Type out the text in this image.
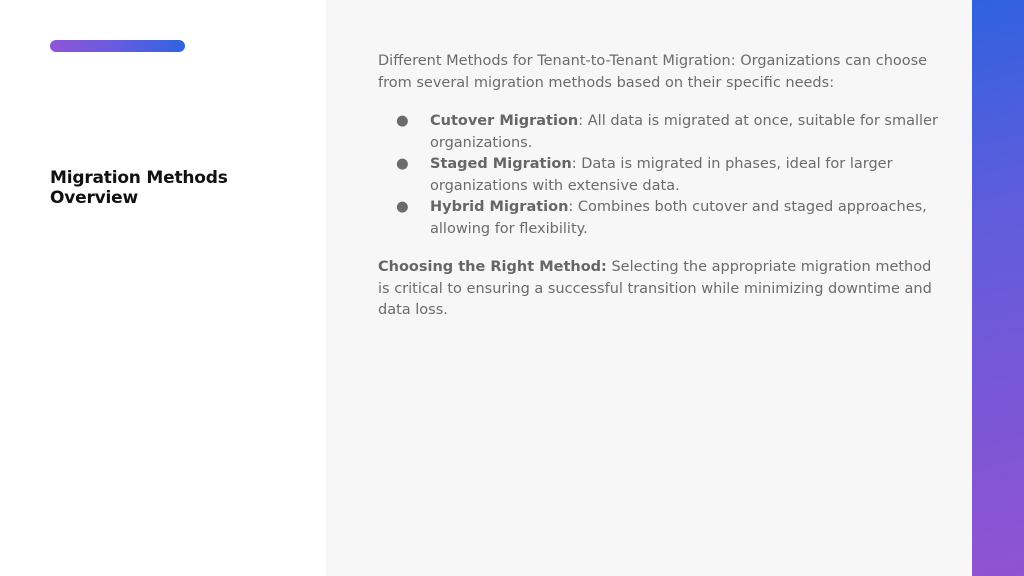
Migration Methods Overview

Different Methods for Tenant-to-Tenant Migration: Organizations can choose from several migration methods based on their specific needs:

● Cutover Migration: All data is migrated at once, suitable for smaller organizations.
● Staged Migration: Data is migrated in phases, ideal for larger organizations with extensive data.
● Hybrid Migration: Combines both cutover and staged approaches, allowing for flexibility.

Choosing the Right Method: Selecting the appropriate migration method is critical to ensuring a successful transition while minimizing downtime and data loss.
